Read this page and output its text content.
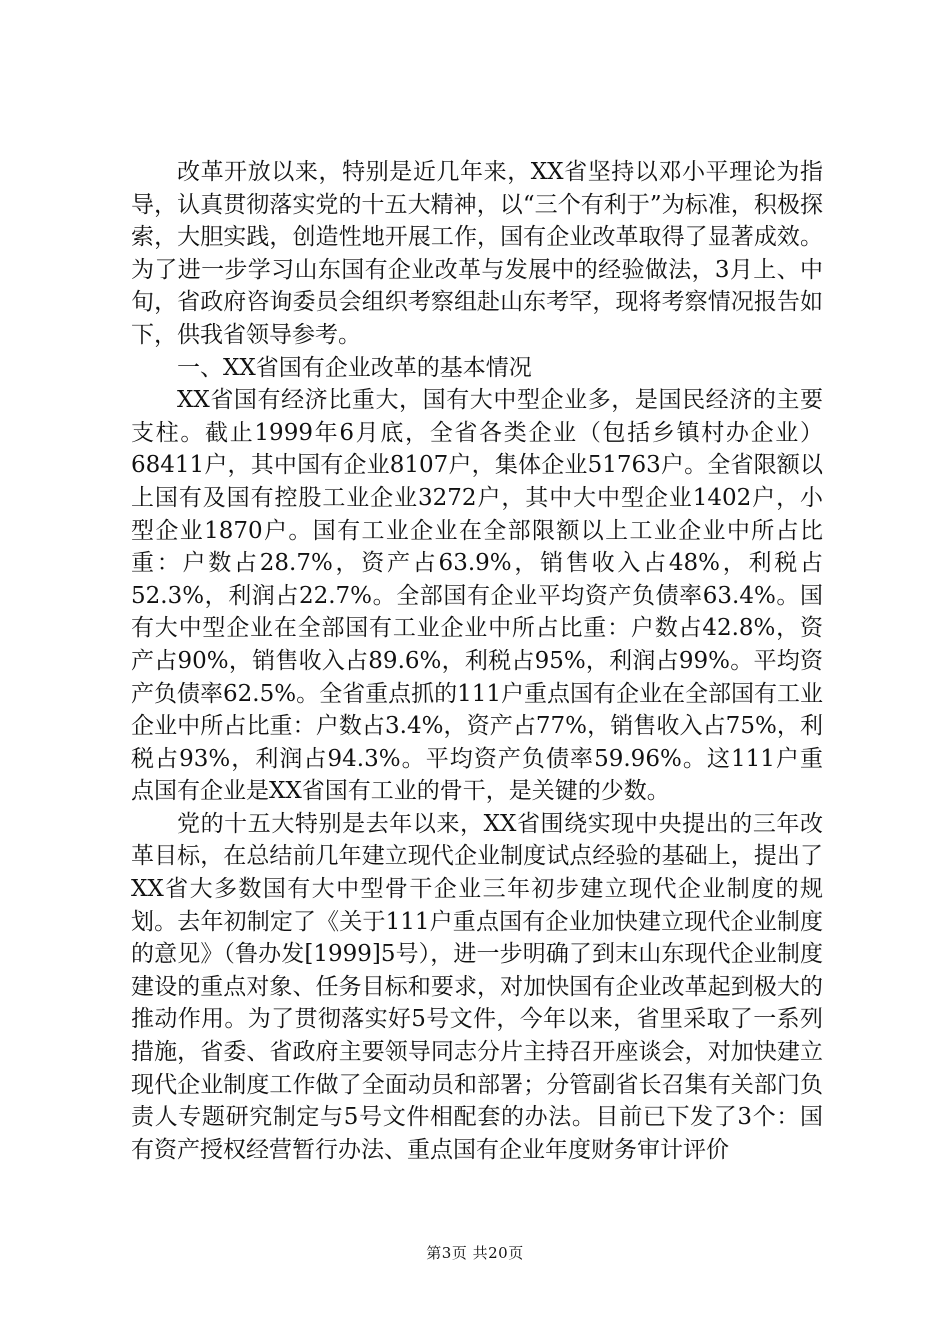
改革开放以来，特别是近几年来，XX省坚持以邓小平理论为指导，认真贯彻落实党的十五大精神，以“三个有利于”为标准，积极探索，大胆实践，创造性地开展工作，国有企业改革取得了显著成效。为了进一步学习山东国有企业改革与发展中的经验做法，3月上、中旬，省政府咨询委员会组织考察组赴山东考罕，现将考察情况报告如下，供我省领导参考。

一、XX省国有企业改革的基本情况

XX省国有经济比重大，国有大中型企业多，是国民经济的主要支柱。截止1999年6月底，全省各类企业（包括乡镇村办企业）68411户，其中国有企业8107户，集体企业51763户。全省限额以上国有及国有控股工业企业3272户，其中大中型企业1402户，小型企业1870户。国有工业企业在全部限额以上工业企业中所占比重：户数占28.7%，资产占63.9%，销售收入占48%，利税占52.3%，利润占22.7%。全部国有企业平均资产负债率63.4%。国有大中型企业在全部国有工业企业中所占比重：户数占42.8%，资产占90%，销售收入占89.6%，利税占95%，利润占99%。平均资产负债率62.5%。全省重点抓的111户重点国有企业在全部国有工业企业中所占比重：户数占3.4%，资产占77%，销售收入占75%，利税占93%，利润占94.3%。平均资产负债率59.96%。这111户重点国有企业是XX省国有工业的骨干，是关键的少数。

党的十五大特别是去年以来，XX省围绕实现中央提出的三年改革目标，在总结前几年建立现代企业制度试点经验的基础上，提出了XX省大多数国有大中型骨干企业三年初步建立现代企业制度的规划。去年初制定了《关于111户重点国有企业加快建立现代企业制度的意见》（鲁办发[1999]5号），进一步明确了到末山东现代企业制度建设的重点对象、任务目标和要求，对加快国有企业改革起到极大的推动作用。为了贯彻落实好5号文件，今年以来，省里采取了一系列措施，省委、省政府主要领导同志分片主持召开座谈会，对加快建立现代企业制度工作做了全面动员和部署；分管副省长召集有关部门负责人专题研究制定与5号文件相配套的办法。目前已下发了3个：国有资产授权经营暂行办法、重点国有企业年度财务审计评价

第3页 共20页
